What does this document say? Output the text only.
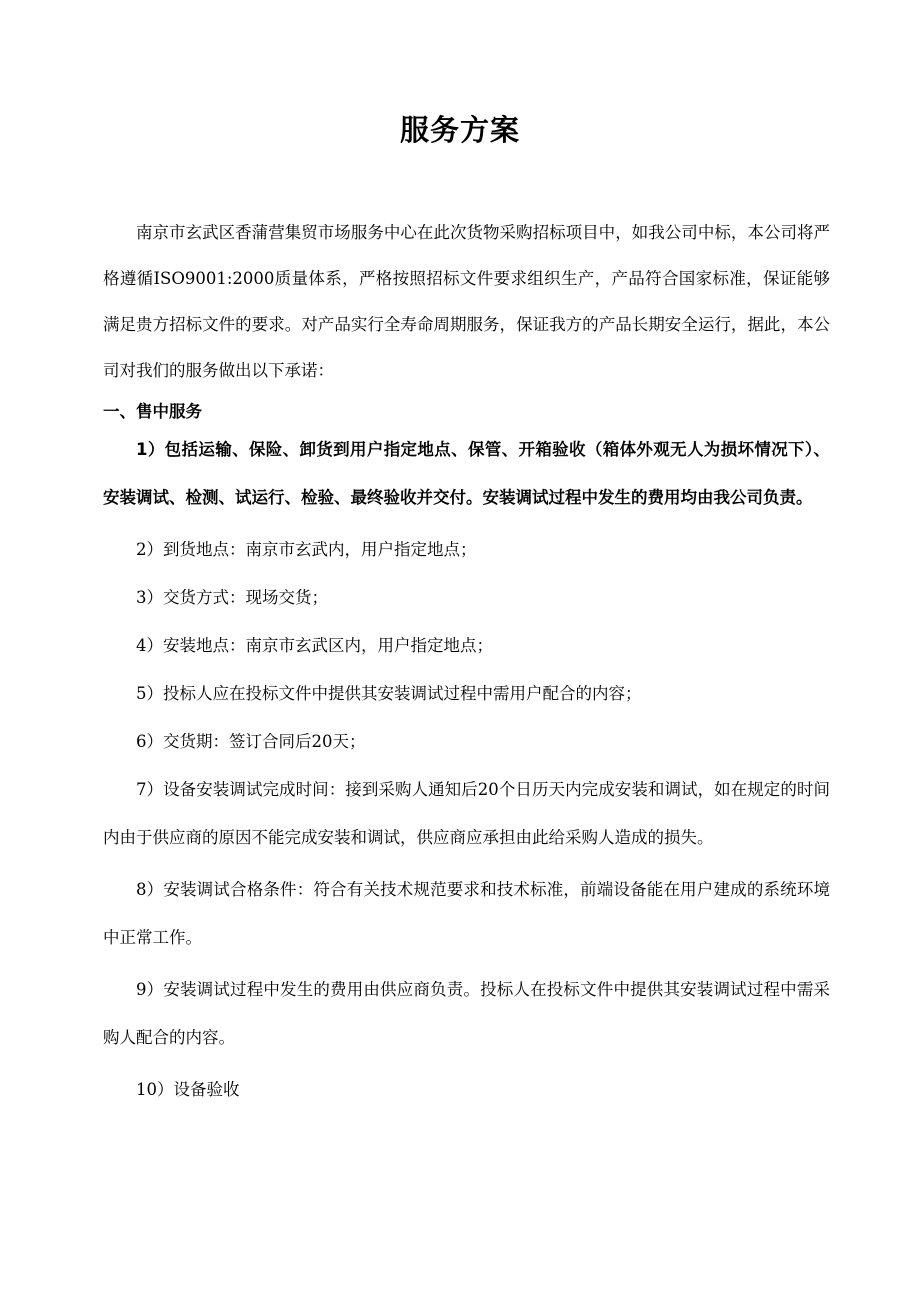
服务方案

南京市玄武区香蒲营集贸市场服务中心在此次货物采购招标项目中，如我公司中标，本公司将严格遵循ISO9001:2000质量体系，严格按照招标文件要求组织生产，产品符合国家标准，保证能够满足贵方招标文件的要求。对产品实行全寿命周期服务，保证我方的产品长期安全运行，据此，本公司对我们的服务做出以下承诺：

一、售中服务

1）包括运输、保险、卸货到用户指定地点、保管、开箱验收（箱体外观无人为损坏情况下）、安装调试、检测、试运行、检验、最终验收并交付。安装调试过程中发生的费用均由我公司负责。

2）到货地点：南京市玄武内，用户指定地点；

3）交货方式：现场交货；

4）安装地点：南京市玄武区内，用户指定地点；

5）投标人应在投标文件中提供其安装调试过程中需用户配合的内容；

6）交货期：签订合同后20天；

7）设备安装调试完成时间：接到采购人通知后20个日历天内完成安装和调试，如在规定的时间内由于供应商的原因不能完成安装和调试，供应商应承担由此给采购人造成的损失。

8）安装调试合格条件：符合有关技术规范要求和技术标准，前端设备能在用户建成的系统环境中正常工作。

9）安装调试过程中发生的费用由供应商负责。投标人在投标文件中提供其安装调试过程中需采购人配合的内容。

10）设备验收
